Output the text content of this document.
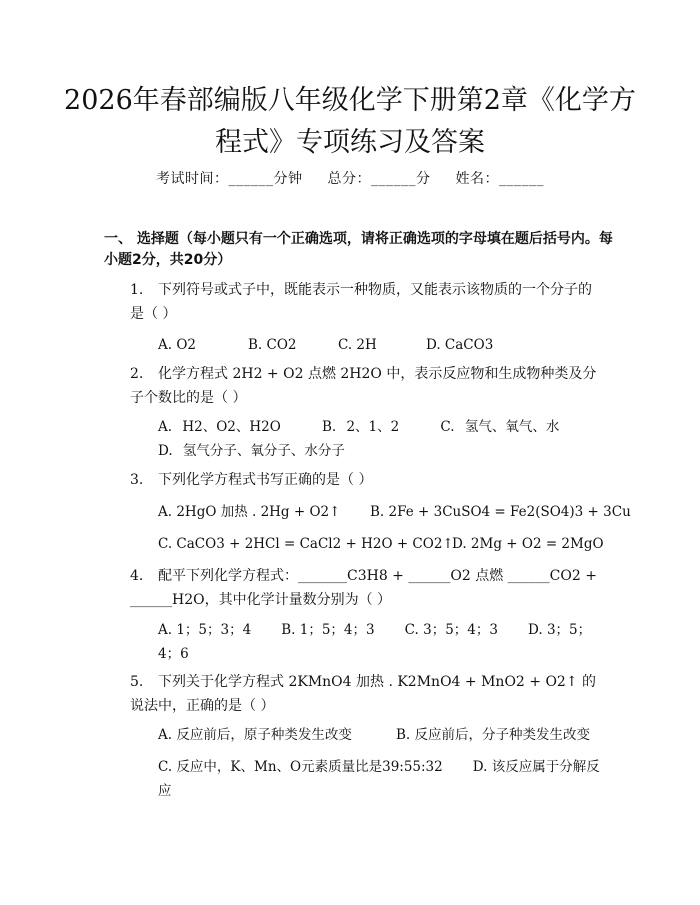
2026年春部编版八年级化学下册第2章《化学方程式》专项练习及答案
考试时间：______分钟 总分：______分 姓名：______
一、 选择题（每小题只有一个正确选项，请将正确选项的字母填在题后括号内。每小题2分，共20分）
1. 下列符号或式子中，既能表示一种物质，又能表示该物质的一个分子的是（ ）
A. O2	B. CO2	C. 2H	D. CaCO3
2. 化学方程式 2H2 + O2 点燃 2H2O 中，表示反应物和生成物种类及分子个数比的是（ ）
A. H2、O2、H2O	B. 2、1、2	C. 氢气、氧气、水    D. 氢气分子、氧分子、水分子
3. 下列化学方程式书写正确的是（ ）
A. 2HgO 加热 . 2Hg + O2↑ B. 2Fe + 3CuSO4 = Fe2(SO4)3 + 3Cu
C. CaCO3 + 2HCl = CaCl2 + H2O + CO2↑
D. 2Mg + O2 = 2MgO
4. 配平下列化学方程式：_______C3H8 + ______O2 点燃 ______CO2 + ______H2O，其中化学计量数分别为（ ）
A. 1；5；3；4 B. 1；5；4；3 C. 3；5；4；3 D. 3；5；4；6
5. 下列关于化学方程式 2KMnO4 加热 . K2MnO4 + MnO2 + O2↑ 的说法中，正确的是（ ）
A. 反应前后，原子种类发生改变	B. 反应前后，分子种类发生改变
C. 反应中，K、Mn、O元素质量比是39:55:32 D. 该反应属于分解反应
